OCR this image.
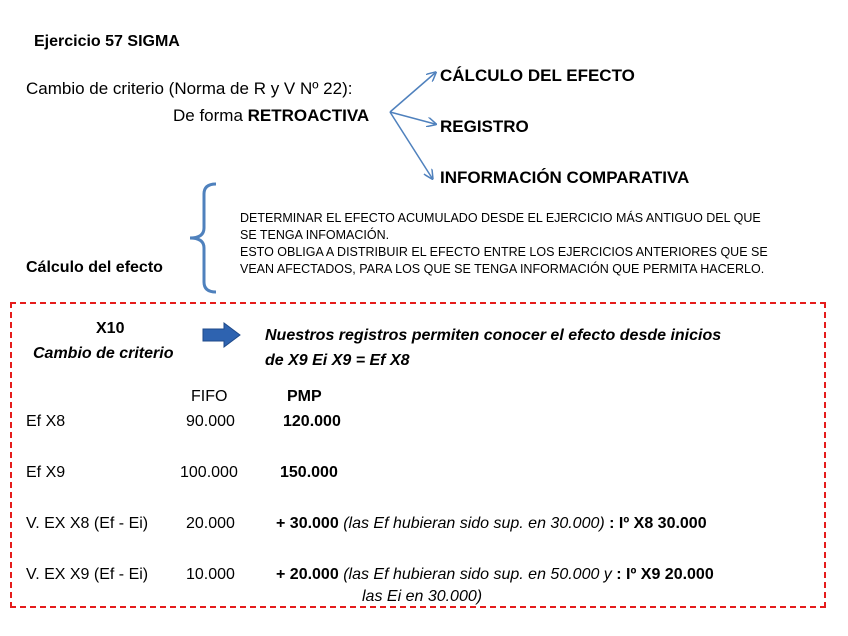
Ejercicio 57 SIGMA
Cambio de criterio (Norma de R y V Nº 22):
De forma RETROACTIVA
CÁLCULO DEL EFECTO
REGISTRO
INFORMACIÓN COMPARATIVA
DETERMINAR EL EFECTO ACUMULADO DESDE EL EJERCICIO MÁS ANTIGUO DEL QUE
SE TENGA INFOMACIÓN.
ESTO OBLIGA A DISTRIBUIR EL EFECTO ENTRE LOS EJERCICIOS ANTERIORES QUE SE
VEAN AFECTADOS, PARA LOS QUE SE TENGA INFORMACIÓN QUE PERMITA HACERLO.
Cálculo del efecto
X10
Cambio de criterio
Nuestros registros permiten conocer el efecto desde inicios
de X9 Ei X9 = Ef X8
FIFO	PMP
Ef X8	90.000	120.000
Ef X9	100.000	150.000
V. EX X8 (Ef - Ei) 20.000	+ 30.000 (las Ef hubieran sido sup. en 30.000) : Iº X8 30.000
V. EX X9 (Ef - Ei) 10.000	+ 20.000 (las Ef hubieran sido sup. en 50.000 y : Iº X9 20.000
las Ei en 30.000)
